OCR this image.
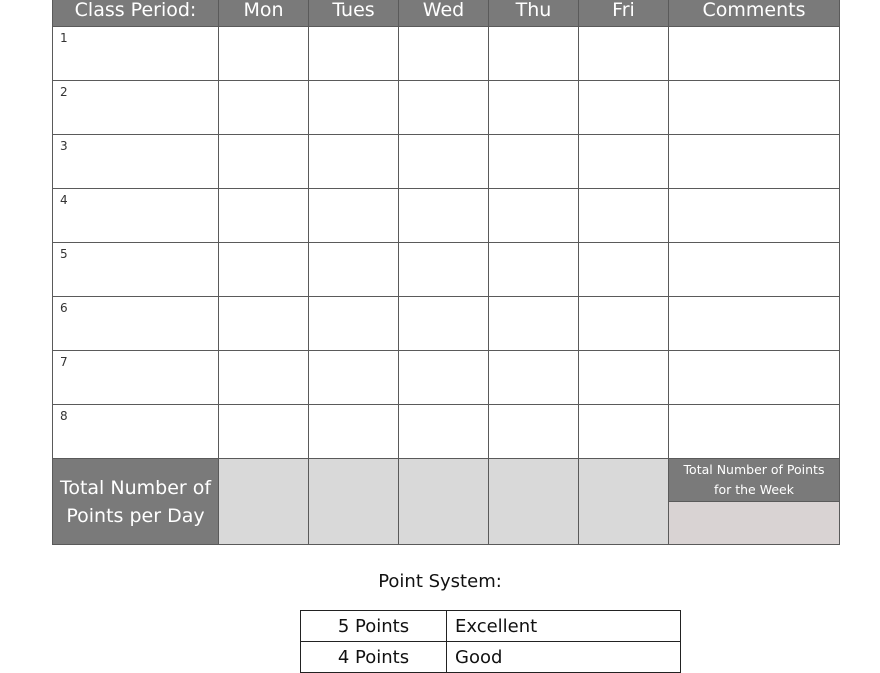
Class Period:	Mon	Tues	Wed	Thu	Fri	Comments
1						
2						
3						
4						
5						
6						
7						
8						
Total Number of Points per Day						Total Number of Points for the Week
Point System:
5 Points	Excellent
4 Points	Good
